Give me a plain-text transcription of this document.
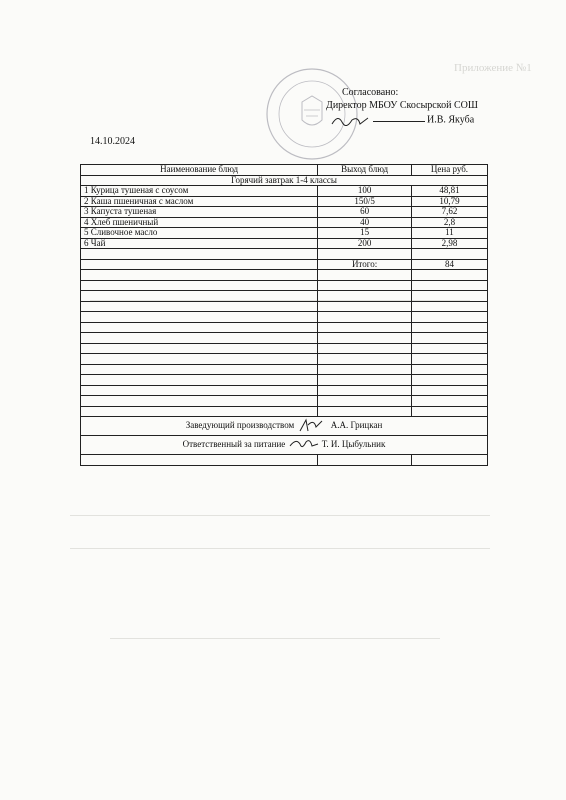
Приложение №1
Согласовано:
Директор МБОУ Скосырской СОШ
И.В. Якуба
14.10.2024
Наименование блюд	Выход блюд	Цена руб.
Горячий завтрак 1-4 классы		
1 Курица тушеная с соусом	100	48,81
2 Каша пшеничная с маслом	150/5	10,79
3 Капуста тушеная	60	7,62
4 Хлеб пшеничный	40	2,8
5 Сливочное масло	15	11
6 Чай	200	2,98

	Итого:	84

Заведующий производством А.А. Грицкан		
Ответственный за питание Т. И. Цыбульник		
